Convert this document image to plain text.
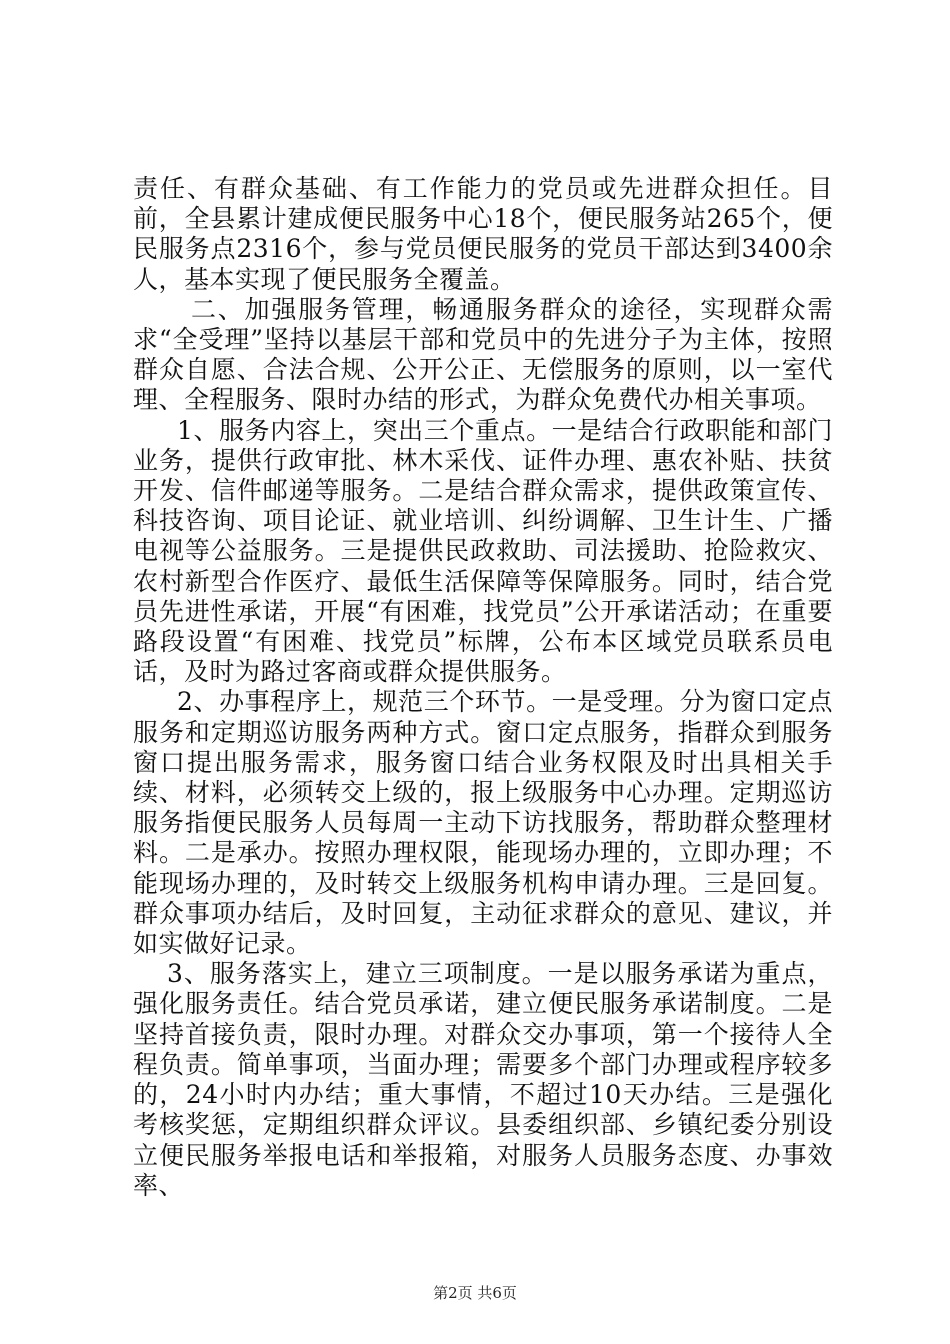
责任、有群众基础、有工作能力的党员或先进群众担任。目前，全县累计建成便民服务中心18个，便民服务站265个，便民服务点2316个，参与党员便民服务的党员干部达到3400余人，基本实现了便民服务全覆盖。

二、加强服务管理，畅通服务群众的途径，实现群众需求“全受理”坚持以基层干部和党员中的先进分子为主体，按照群众自愿、合法合规、公开公正、无偿服务的原则，以一室代理、全程服务、限时办结的形式，为群众免费代办相关事项。

1、服务内容上，突出三个重点。一是结合行政职能和部门业务，提供行政审批、林木采伐、证件办理、惠农补贴、扶贫开发、信件邮递等服务。二是结合群众需求，提供政策宣传、科技咨询、项目论证、就业培训、纠纷调解、卫生计生、广播电视等公益服务。三是提供民政救助、司法援助、抢险救灾、农村新型合作医疗、最低生活保障等保障服务。同时，结合党员先进性承诺，开展“有困难，找党员”公开承诺活动；在重要路段设置“有困难、找党员”标牌，公布本区域党员联系员电话，及时为路过客商或群众提供服务。

2、办事程序上，规范三个环节。一是受理。分为窗口定点服务和定期巡访服务两种方式。窗口定点服务，指群众到服务窗口提出服务需求，服务窗口结合业务权限及时出具相关手续、材料，必须转交上级的，报上级服务中心办理。定期巡访服务指便民服务人员每周一主动下访找服务，帮助群众整理材料。二是承办。按照办理权限，能现场办理的，立即办理；不能现场办理的，及时转交上级服务机构申请办理。三是回复。群众事项办结后，及时回复，主动征求群众的意见、建议，并如实做好记录。

3、服务落实上，建立三项制度。一是以服务承诺为重点，强化服务责任。结合党员承诺，建立便民服务承诺制度。二是坚持首接负责，限时办理。对群众交办事项，第一个接待人全程负责。简单事项，当面办理；需要多个部门办理或程序较多的，24小时内办结；重大事情，不超过10天办结。三是强化考核奖惩，定期组织群众评议。县委组织部、乡镇纪委分别设立便民服务举报电话和举报箱，对服务人员服务态度、办事效率、

第2页 共6页
